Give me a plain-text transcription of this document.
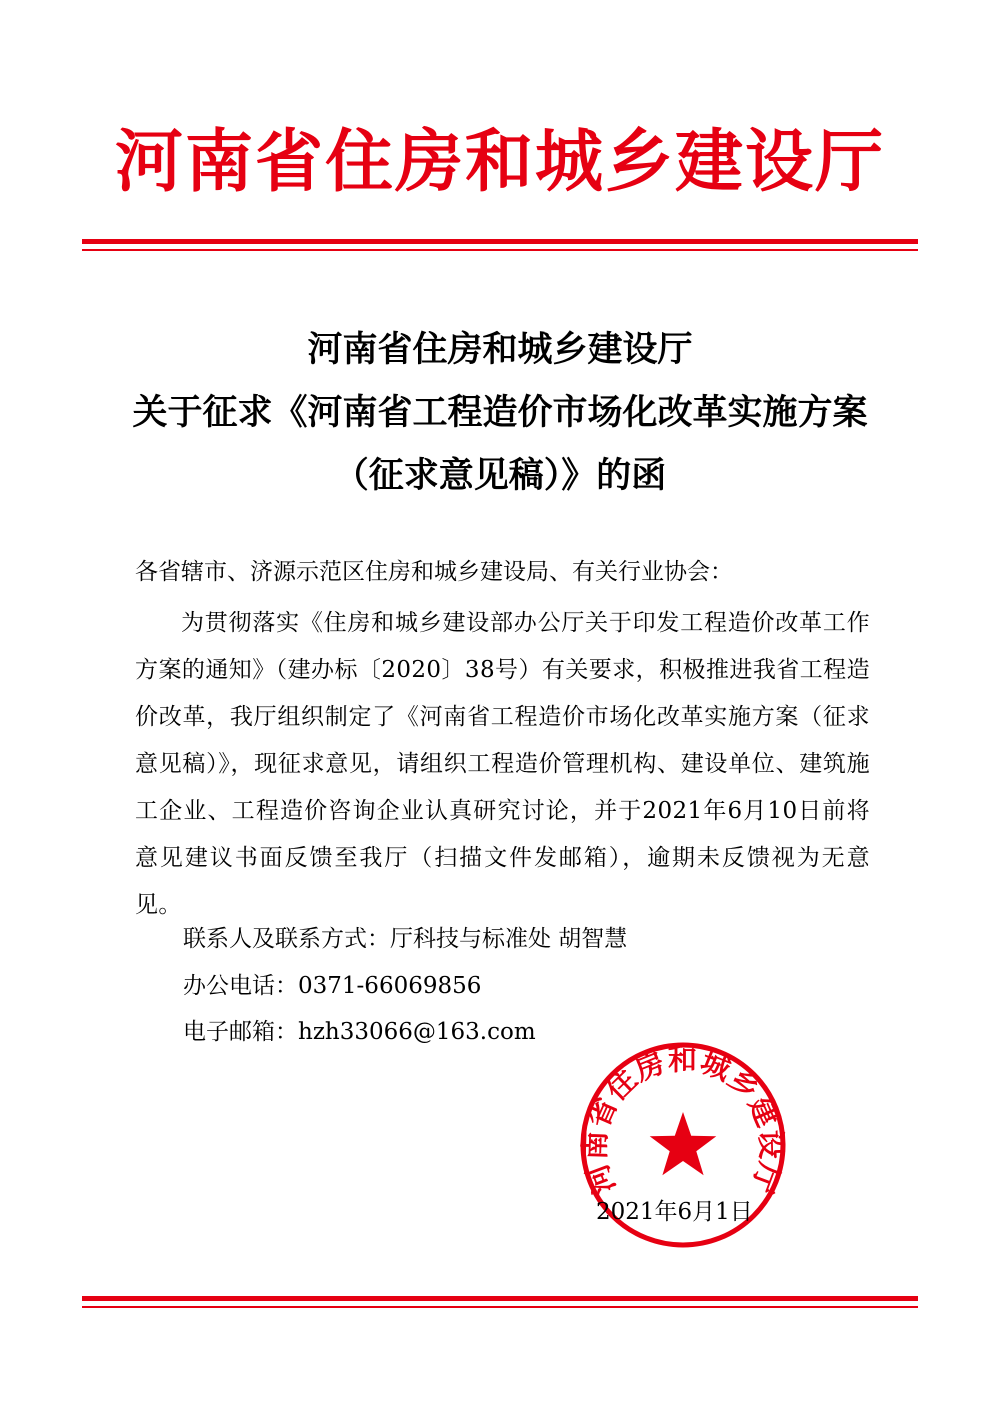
河南省住房和城乡建设厅
河南省住房和城乡建设厅
关于征求《河南省工程造价市场化改革实施方案
（征求意见稿）》的函
各省辖市、济源示范区住房和城乡建设局、有关行业协会：

为贯彻落实《住房和城乡建设部办公厅关于印发工程造价改革工作方案的通知》（建办标〔2020〕38号）有关要求，积极推进我省工程造价改革，我厅组织制定了《河南省工程造价市场化改革实施方案（征求意见稿）》，现征求意见，请组织工程造价管理机构、建设单位、建筑施工企业、工程造价咨询企业认真研究讨论，并于2021年6月10日前将意见建议书面反馈至我厅（扫描文件发邮箱），逾期未反馈视为无意见。

联系人及联系方式：厅科技与标准处 胡智慧
办公电话：0371-66069856
电子邮箱：hzh33066@163.com
河南省住房和城乡建设厅
2021年6月1日
